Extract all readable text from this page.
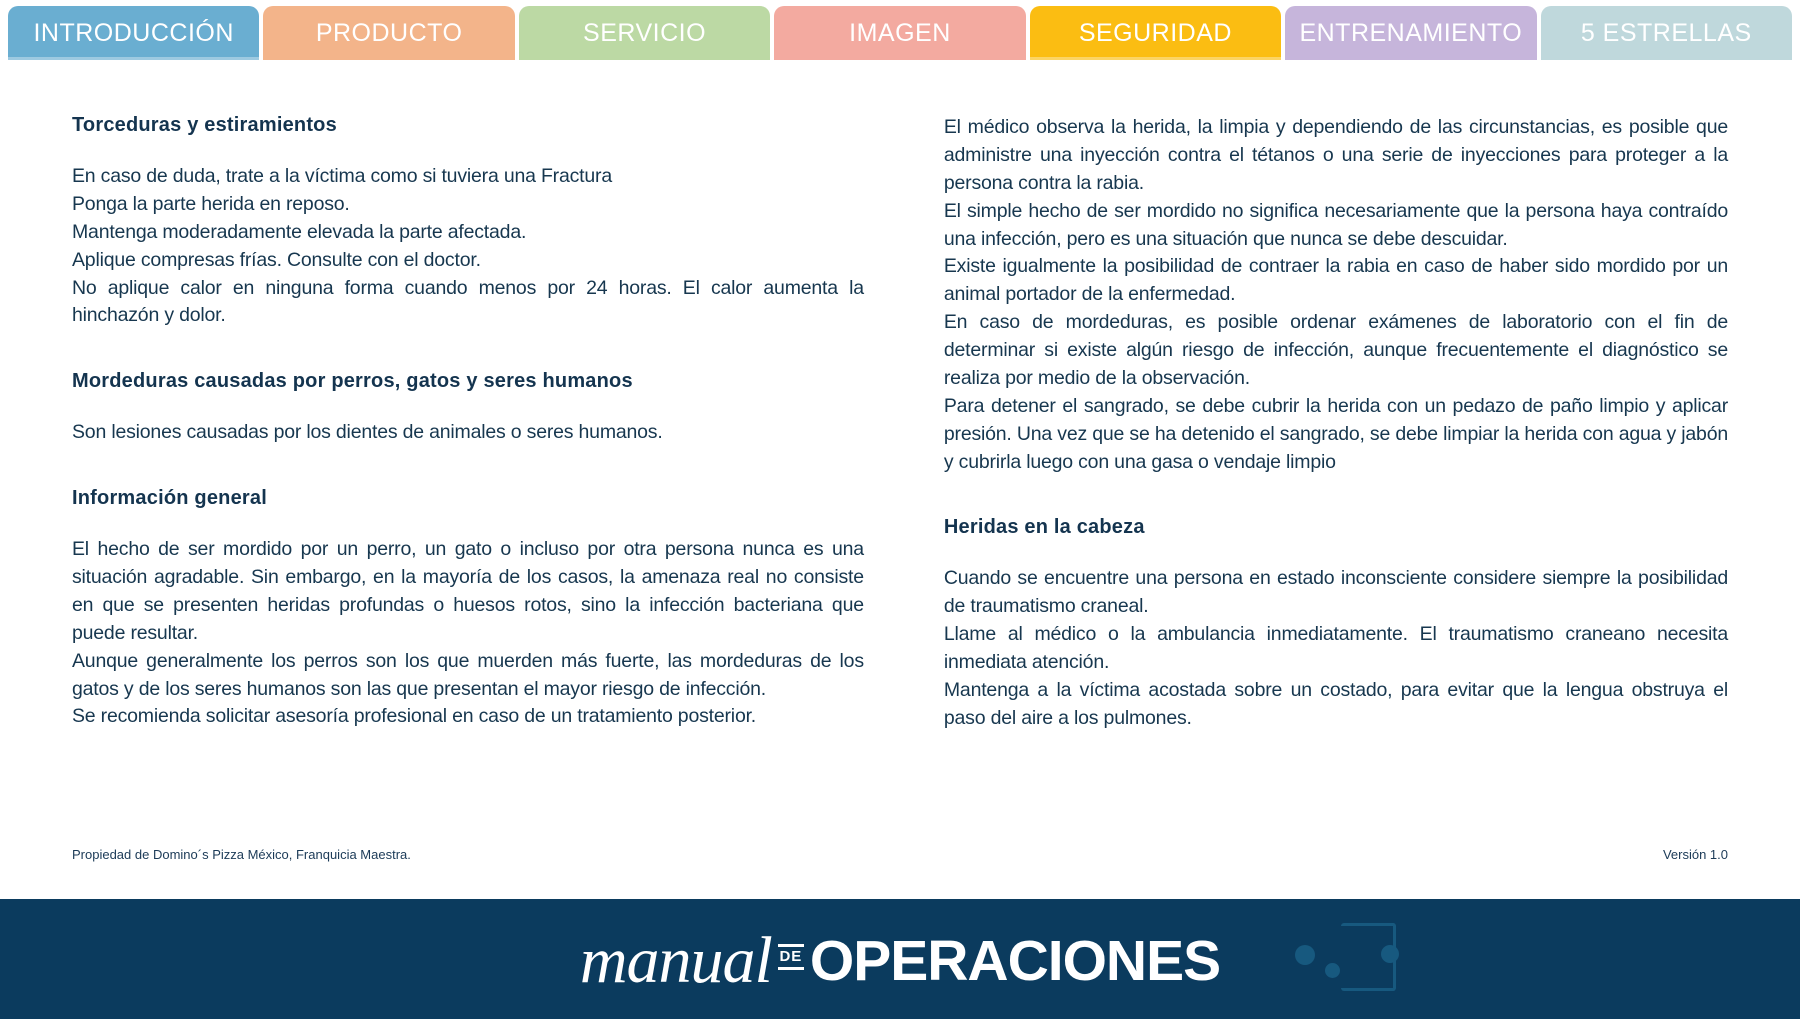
INTRODUCCIÓN	PRODUCTO	SERVICIO	IMAGEN	SEGURIDAD	ENTRENAMIENTO 5 ESTRELLAS
Torceduras y estiramientos

En caso de duda, trate a la víctima como si tuviera una Fractura

Ponga la parte herida en reposo.

Mantenga moderadamente elevada la parte afectada.

Aplique compresas frías. Consulte con el doctor.

No aplique calor en ninguna forma cuando menos por 24 horas. El calor aumenta la hinchazón y dolor.

Mordeduras causadas por perros, gatos y seres humanos

Son lesiones causadas por los dientes de animales o seres humanos.

Información general

El hecho de ser mordido por un perro, un gato o incluso por otra persona nunca es una situación agradable. Sin embargo, en la mayoría de los casos, la amenaza real no consiste en que se presenten heridas profundas o huesos rotos, sino la infección bacteriana que puede resultar.

Aunque generalmente los perros son los que muerden más fuerte, las mordeduras de los gatos y de los seres humanos son las que presentan el mayor riesgo de infección.

Se recomienda solicitar asesoría profesional en caso de un tratamiento posterior.

El médico observa la herida, la limpia y dependiendo de las circunstancias, es posible que administre una inyección contra el tétanos o una serie de inyecciones para proteger a la persona contra la rabia.

El simple hecho de ser mordido no significa necesariamente que la persona haya contraído una infección, pero es una situación que nunca se debe descuidar.

Existe igualmente la posibilidad de contraer la rabia en caso de haber sido mordido por un animal portador de la enfermedad.

En caso de mordeduras, es posible ordenar exámenes de laboratorio con el fin de determinar si existe algún riesgo de infección, aunque frecuentemente el diagnóstico se realiza por medio de la observación.

Para detener el sangrado, se debe cubrir la herida con un pedazo de paño limpio y aplicar presión. Una vez que se ha detenido el sangrado, se debe limpiar la herida con agua y jabón y cubrirla luego con una gasa o vendaje limpio

Heridas en la cabeza

Cuando se encuentre una persona en estado inconsciente considere siempre la posibilidad de traumatismo craneal.

Llame al médico o la ambulancia inmediatamente. El traumatismo craneano necesita inmediata atención.

Mantenga a la víctima acostada sobre un costado, para evitar que la lengua obstruya el paso del aire a los pulmones.

Propiedad de Domino´s Pizza México, Franquicia Maestra.	Versión 1.0
manual DE OPERACIONES
